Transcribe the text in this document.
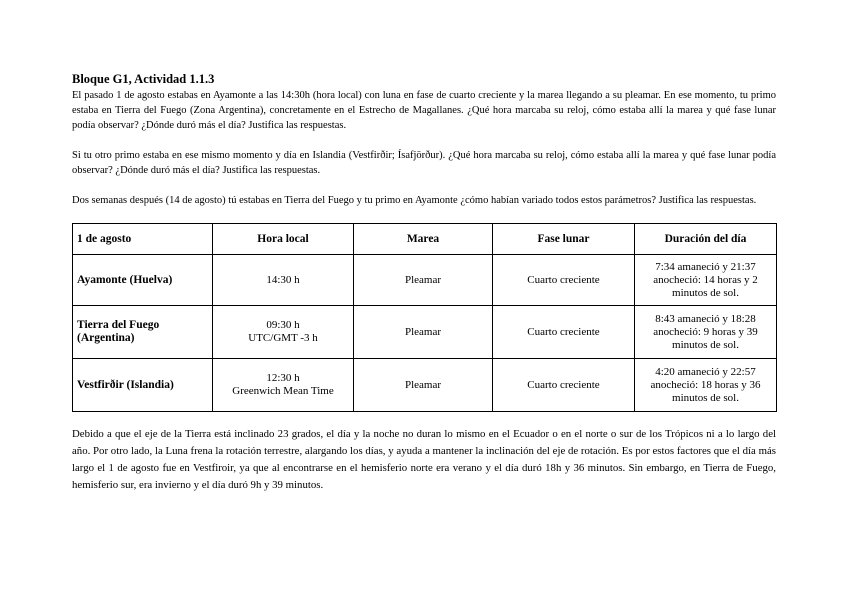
Bloque G1, Actividad 1.1.3

El pasado 1 de agosto estabas en Ayamonte a las 14:30h (hora local) con luna en fase de cuarto creciente y la marea llegando a su pleamar. En ese momento, tu primo estaba en Tierra del Fuego (Zona Argentina), concretamente en el Estrecho de Magallanes. ¿Qué hora marcaba su reloj, cómo estaba allí la marea y qué fase lunar podía observar? ¿Dónde duró más el día? Justifica las respuestas.

Si tu otro primo estaba en ese mismo momento y día en Islandia (Vestfirðir; Ísafjörður). ¿Qué hora marcaba su reloj, cómo estaba allí la marea y qué fase lunar podía observar? ¿Dónde duró más el día? Justifica las respuestas.

Dos semanas después (14 de agosto) tú estabas en Tierra del Fuego y tu primo en Ayamonte ¿cómo habían variado todos estos parámetros? Justifica las respuestas.

1 de agosto	Hora local	Marea	Fase lunar	Duración del día
Ayamonte (Huelva)	14:30 h	Pleamar	Cuarto creciente	7:34 amaneció y 21:37
anocheció: 14 horas y 2
minutos de sol.

Tierra del Fuego
(Argentina)	09:30 h
UTC/GMT -3 h	Pleamar	Cuarto creciente	8:43 amaneció y 18:28
anocheció: 9 horas y 39
minutos de sol.

Vestfirðir (Islandia)	12:30 h
Greenwich Mean Time	Pleamar	Cuarto creciente	4:20 amaneció y 22:57
anocheció: 18 horas y 36
minutos de sol.

Debido a que el eje de la Tierra está inclinado 23 grados, el día y la noche no duran lo mismo en el Ecuador o en el norte o sur de los Trópicos ni a lo largo del año. Por otro lado, la Luna frena la rotación terrestre, alargando los días, y ayuda a mantener la inclinación del eje de rotación. Es por estos factores que el día más largo el 1 de agosto fue en Vestfiroir, ya que al encontrarse en el hemisferio norte era verano y el día duró 18h y 36 minutos. Sin embargo, en Tierra de Fuego, hemisferio sur, era invierno y el día duró 9h y 39 minutos.
